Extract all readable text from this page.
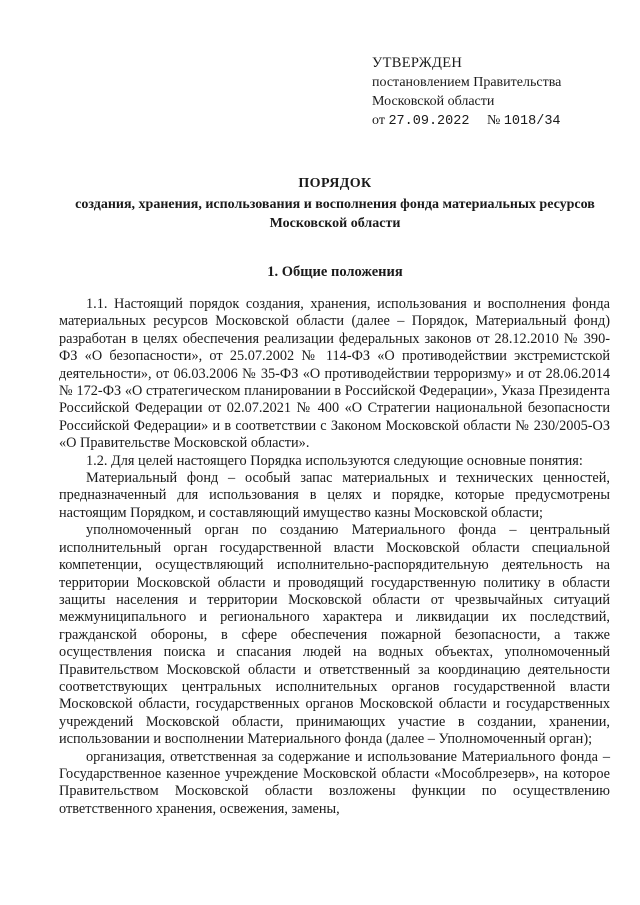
УТВЕРЖДЕН
постановлением Правительства
Московской области
от 27.09.2022 № 1018/34
ПОРЯДОК
создания, хранения, использования и восполнения фонда материальных ресурсов Московской области
1. Общие положения

1.1. Настоящий порядок создания, хранения, использования и восполнения фонда материальных ресурсов Московской области (далее – Порядок, Материальный фонд) разработан в целях обеспечения реализации федеральных законов от 28.12.2010 № 390-ФЗ «О безопасности», от 25.07.2002 № 114-ФЗ «О противодействии экстремистской деятельности», от 06.03.2006 № 35-ФЗ «О противодействии терроризму» и от 28.06.2014 № 172-ФЗ «О стратегическом планировании в Российской Федерации», Указа Президента Российской Федерации от 02.07.2021 № 400 «О Стратегии национальной безопасности Российской Федерации» и в соответствии с Законом Московской области № 230/2005-ОЗ «О Правительстве Московской области».

1.2. Для целей настоящего Порядка используются следующие основные понятия:

Материальный фонд – особый запас материальных и технических ценностей, предназначенный для использования в целях и порядке, которые предусмотрены настоящим Порядком, и составляющий имущество казны Московской области;

уполномоченный орган по созданию Материального фонда – центральный исполнительный орган государственной власти Московской области специальной компетенции, осуществляющий исполнительно-распорядительную деятельность на территории Московской области и проводящий государственную политику в области защиты населения и территории Московской области от чрезвычайных ситуаций межмуниципального и регионального характера и ликвидации их последствий, гражданской обороны, в сфере обеспечения пожарной безопасности, а также осуществления поиска и спасания людей на водных объектах, уполномоченный Правительством Московской области и ответственный за координацию деятельности соответствующих центральных исполнительных органов государственной власти Московской области, государственных органов Московской области и государственных учреждений Московской области, принимающих участие в создании, хранении, использовании и восполнении Материального фонда (далее – Уполномоченный орган);

организация, ответственная за содержание и использование Материального фонда – Государственное казенное учреждение Московской области «Мособлрезерв», на которое Правительством Московской области возложены функции по осуществлению ответственного хранения, освежения, замены,
